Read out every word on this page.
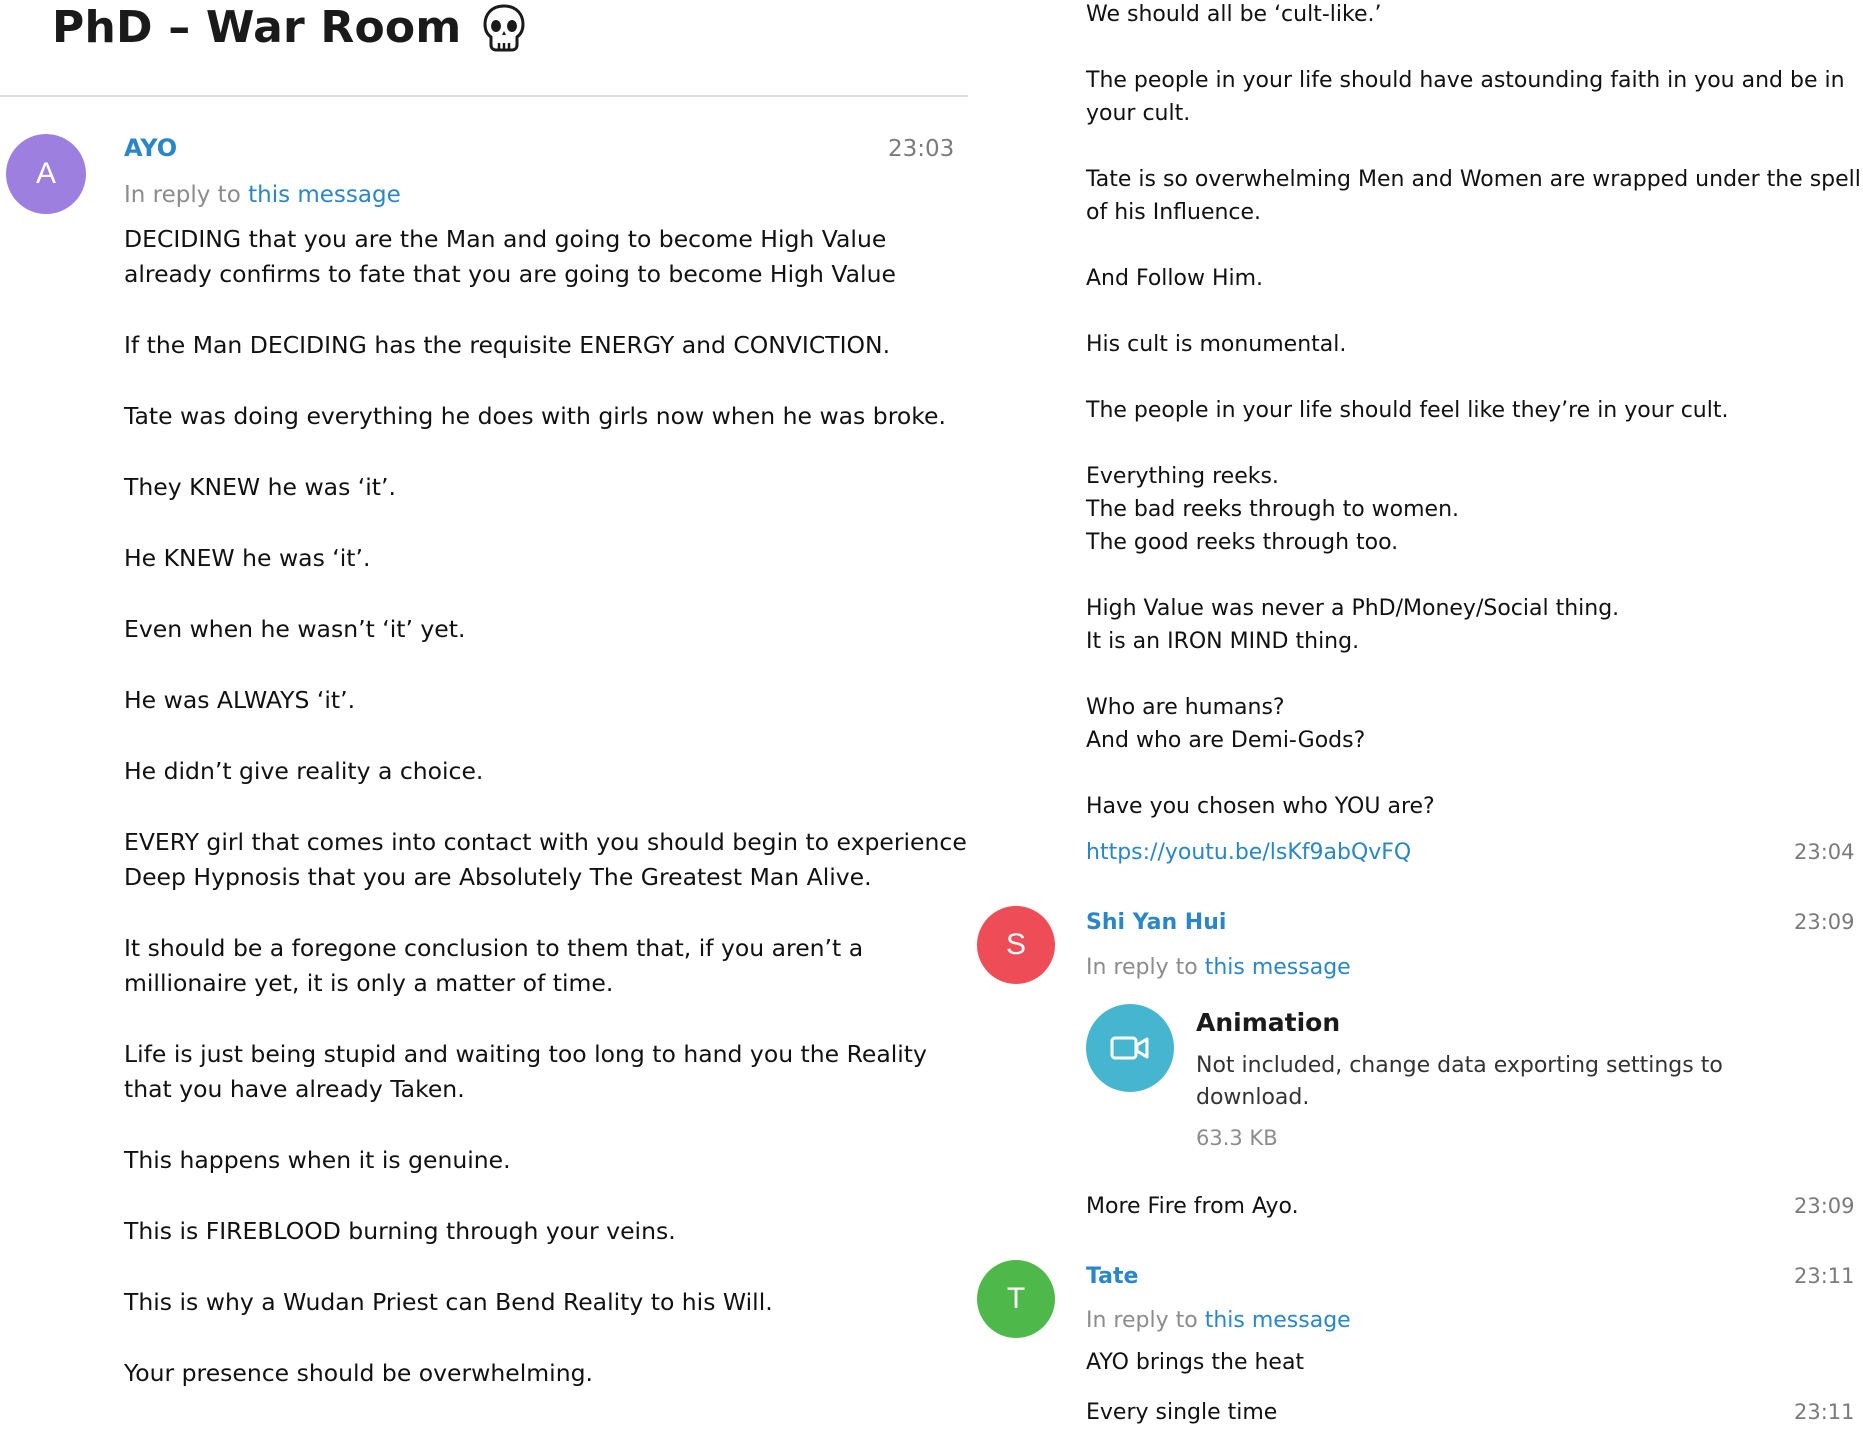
PhD – War Room
A
AYO	23:03
In reply to this message
DECIDING that you are the Man and going to become High Value
already confirms to fate that you are going to become High Value
If the Man DECIDING has the requisite ENERGY and CONVICTION.
Tate was doing everything he does with girls now when he was broke.
They KNEW he was ‘it’.
He KNEW he was ‘it’.
Even when he wasn’t ‘it’ yet.
He was ALWAYS ‘it’.
He didn’t give reality a choice.
EVERY girl that comes into contact with you should begin to experience
Deep Hypnosis that you are Absolutely The Greatest Man Alive.
It should be a foregone conclusion to them that, if you aren’t a
millionaire yet, it is only a matter of time.
Life is just being stupid and waiting too long to hand you the Reality
that you have already Taken.
This happens when it is genuine.
This is FIREBLOOD burning through your veins.
This is why a Wudan Priest can Bend Reality to his Will.
Your presence should be overwhelming.
We should all be ‘cult-like.’
The people in your life should have astounding faith in you and be in
your cult.
Tate is so overwhelming Men and Women are wrapped under the spell
of his Influence.
And Follow Him.
His cult is monumental.
The people in your life should feel like they’re in your cult.
Everything reeks.
The bad reeks through to women.
The good reeks through too.
High Value was never a PhD/Money/Social thing.
It is an IRON MIND thing.
Who are humans?
And who are Demi-Gods?
Have you chosen who YOU are?
https://youtu.be/lsKf9abQvFQ	23:04
S
Shi Yan Hui	23:09
In reply to this message
Animation
Not included, change data exporting settings to download.
63.3 KB
More Fire from Ayo.	23:09
T
Tate	23:11
In reply to this message
AYO brings the heat
Every single time	23:11
